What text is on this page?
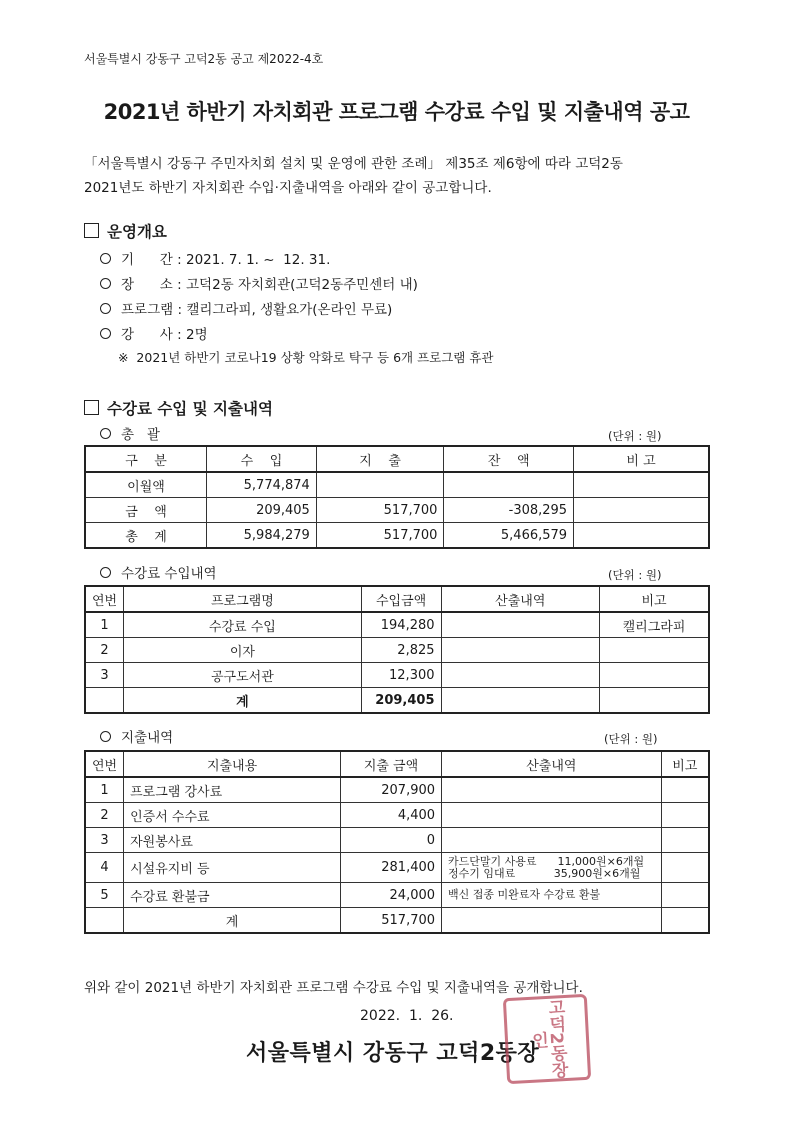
서울특별시 강동구 고덕2동 공고 제2022-4호
2021년 하반기 자치회관 프로그램 수강료 수입 및 지출내역 공고
「서울특별시 강동구 주민자치회 설치 및 운영에 관한 조례」 제35조 제6항에 따라 고덕2동
2021년도 하반기 자치회관 수입·지출내역을 아래와 같이 공고합니다.
운영개요
기      간 : 2021. 7. 1. ~  12. 31.
장      소 : 고덕2동 자치회관(고덕2동주민센터 내)
프로그램 : 캘리그라피, 생활요가(온라인 무료)
강      사 : 2명
※  2021년 하반기 코로나19 상황 악화로 탁구 등 6개 프로그램 휴관
수강료 수입 및 지출내역
총   괄	(단위 : 원)
구    분	수    입	지    출	잔    액	비 고
이월액	5,774,874			
금    액	209,405	517,700	-308,295	
총    계	5,984,279	517,700	5,466,579	
수강료 수입내역	(단위 : 원)
연번	프로그램명	수입금액	산출내역	비고
1	수강료 수입	194,280		캘리그라피
2	이자	2,825		
3	공구도서관	12,300		
	계	209,405		
지출내역	(단위 : 원)
연번	지출내용	지출 금액	산출내역	비고
1	프로그램 강사료	207,900	

2	인증서 수수료	4,400	

3	자원봉사료	0	

4	시설유지비 등	281,400	카드단말기 사용료      11,000원×6개월
정수기 임대료           35,900원×6개월	

5	수강료 환불금	24,000	백신 접종 미완료자 수강료 환불	

	계	517,700		
위와 같이 2021년 하반기 자치회관 프로그램 수강료 수입 및 지출내역을 공개합니다.
2022.  1.  26.
서울특별시 강동구 고덕2동장 고덕2동장인
